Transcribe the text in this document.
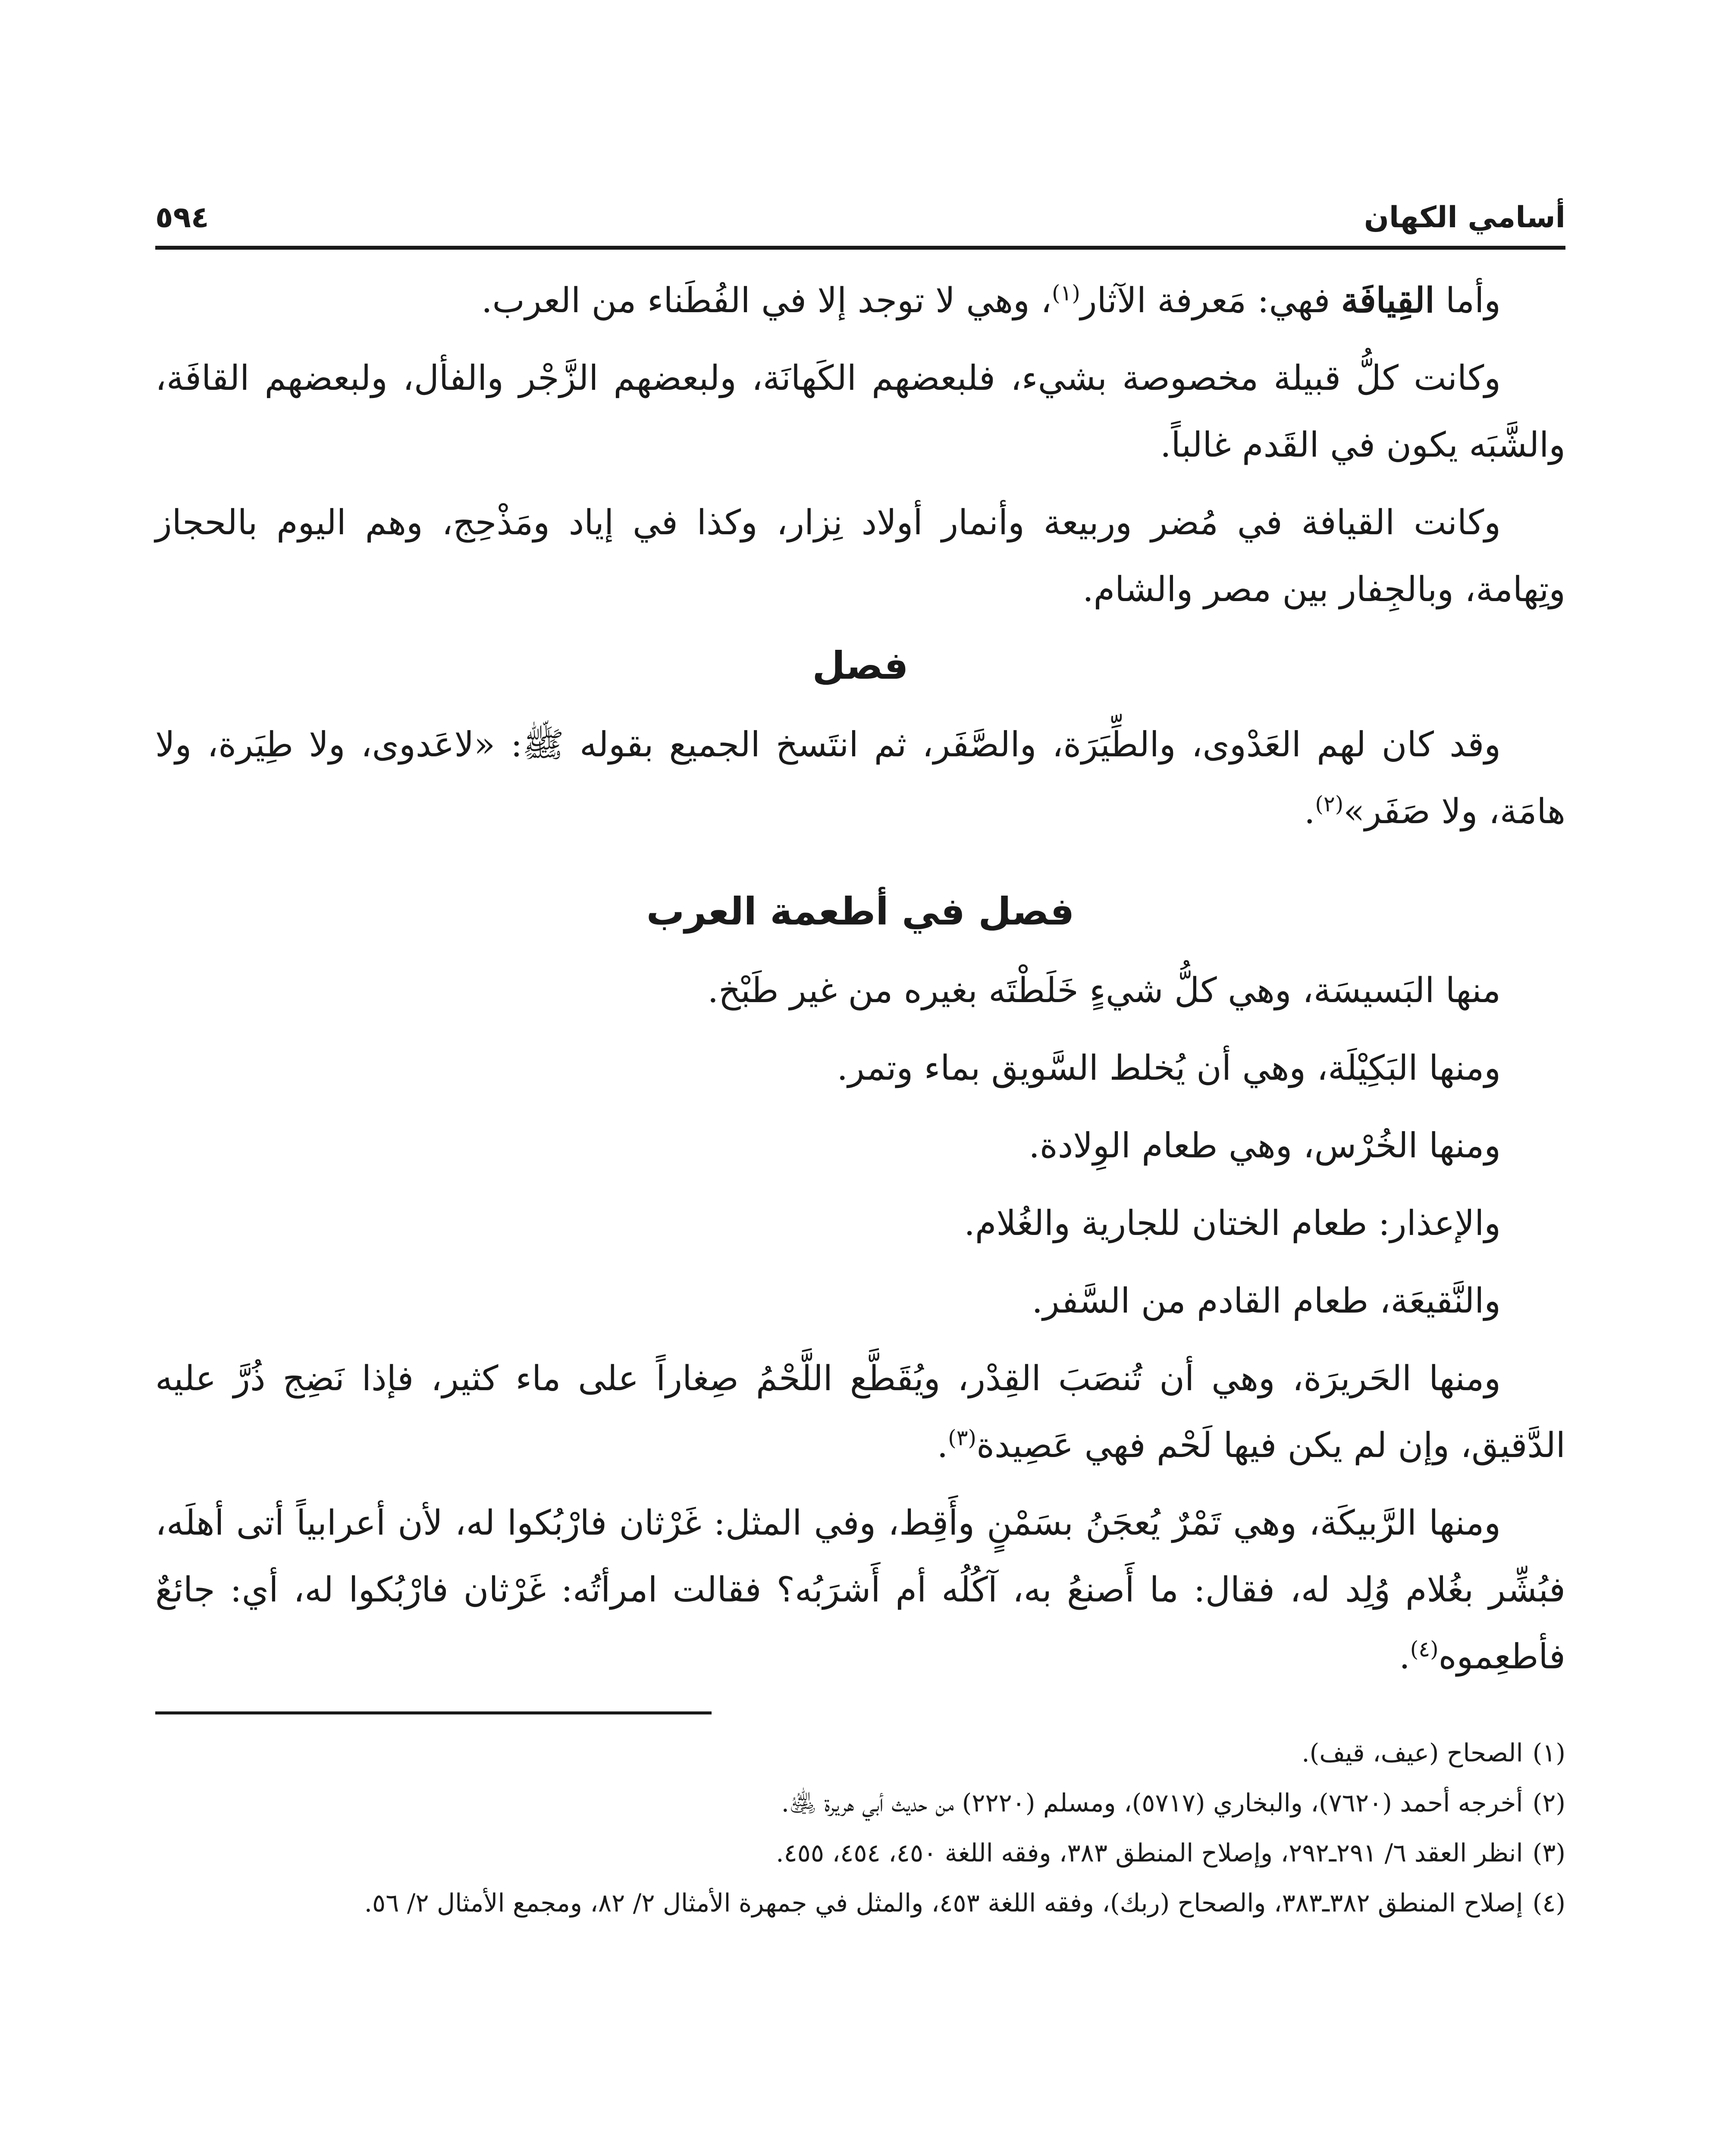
أسامي الكهان
٥٩٤

وأما القِيافَة فهي: مَعرفة الآثار$^{(١)}$، وهي لا توجد إلا في الفُطَناء من العرب.

وكانت كلُّ قبيلة مخصوصة بشيء، فلبعضهم الكَهانَة، ولبعضهم الزَّجْر والفأل، ولبعضهم القافَة، والشَّبَه يكون في القَدم غالباً.

وكانت القيافة في مُضر وربيعة وأنمار أولاد نِزار، وكذا في إياد ومَذْحِج، وهم اليوم بالحجاز وتِهامة، وبالجِفار بين مصر والشام.

فصل

وقد كان لهم العَدْوى، والطِّيَرَة، والصَّفَر، ثم انتَسخ الجميع بقوله ﷺ: «لاعَدوى، ولا طِيَرة، ولا هامَة، ولا صَفَر»$^{(٢)}$.

فصل في أطعمة العرب

منها البَسيسَة، وهي كلُّ شيءٍ خَلَطْتَه بغيره من غير طَبْخ.

ومنها البَكِيْلَة، وهي أن يُخلط السَّويق بماء وتمر.

ومنها الخُرْس، وهي طعام الوِلادة.

والإعذار: طعام الختان للجارية والغُلام.

والنَّقيعَة، طعام القادم من السَّفر.

ومنها الحَريرَة، وهي أن تُنصَبَ القِدْر، ويُقَطَّع اللَّحْمُ صِغاراً على ماء كثير، فإذا نَضِج ذُرَّ عليه الدَّقيق، وإن لم يكن فيها لَحْم فهي عَصِيدة$^{(٣)}$.

ومنها الرَّبيكَة، وهي تَمْرٌ يُعجَنُ بسَمْنٍ وأَقِط، وفي المثل: غَرْثان فارْبُكوا له، لأن أعرابياً أتى أهلَه، فبُشِّر بغُلام وُلِد له، فقال: ما أَصنعُ به، آكُلُه أم أَشرَبُه؟ فقالت امرأتُه: غَرْثان فارْبُكوا له، أي: جائعٌ فأطعِموه$^{(٤)}$.

(١)الصحاح (عيف، قيف).

(٢)أخرجه أحمد (٧٦٢٠)، والبخاري (٥٧١٧)، ومسلم (٢٢٢٠) من حديث أبي هريرة ﵁.

(٣)انظر العقد ٦/ ٢٩١ـ٢٩٢، وإصلاح المنطق ٣٨٣، وفقه اللغة ٤٥٠، ٤٥٤، ٤٥٥.

(٤)إصلاح المنطق ٣٨٢ـ٣٨٣، والصحاح (ربك)، وفقه اللغة ٤٥٣، والمثل في جمهرة الأمثال ٢/ ٨٢، ومجمع الأمثال ٢/ ٥٦.
